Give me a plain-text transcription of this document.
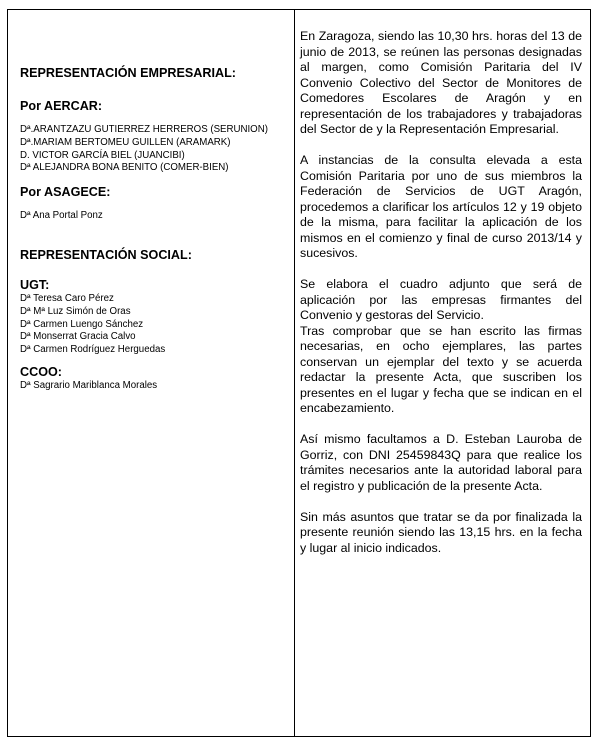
REPRESENTACIÓN EMPRESARIAL:

Por AERCAR:

Dª.ARANTZAZU GUTIERREZ HERREROS (SERUNION)

Dª.MARIAM BERTOMEU GUILLEN (ARAMARK)

D. VICTOR GARCÍA BIEL (JUANCIBI)

Dª ALEJANDRA BONA BENITO (COMER-BIEN)

Por ASAGECE:

Dª Ana Portal Ponz

REPRESENTACIÓN SOCIAL:

UGT:

Dª Teresa Caro Pérez

Dª Mª Luz Simón de Oras

Dª Carmen Luengo Sánchez

Dª Monserrat Gracia Calvo

Dª Carmen Rodríguez Herguedas

CCOO:

Dª Sagrario Mariblanca Morales

En Zaragoza, siendo las 10,30 hrs. horas del 13 de junio de 2013, se reúnen las personas designadas al margen, como Comisión Paritaria del IV Convenio Colectivo del Sector de Monitores de Comedores Escolares de Aragón y en representación de los trabajadores y trabajadoras del Sector de y la Representación Empresarial.

A instancias de la consulta elevada a esta Comisión Paritaria por uno de sus miembros la Federación de Servicios de UGT Aragón, procedemos a clarificar los artículos 12 y 19 objeto de la misma, para facilitar la aplicación de los mismos en el comienzo y final de curso 2013/14 y sucesivos.

Se elabora el cuadro adjunto que será de aplicación por las empresas firmantes del Convenio y gestoras del Servicio.

Tras comprobar que se han escrito las firmas necesarias, en ocho ejemplares, las partes conservan un ejemplar del texto y se acuerda redactar la presente Acta, que suscriben los presentes en el lugar y fecha que se indican en el encabezamiento.

Así mismo facultamos a D. Esteban Lauroba de Gorriz, con DNI 25459843Q para que realice los trámites necesarios ante la autoridad laboral para el registro y publicación de la presente Acta.

Sin más asuntos que tratar se da por finalizada la presente reunión siendo las 13,15 hrs. en la fecha y lugar al inicio indicados.
